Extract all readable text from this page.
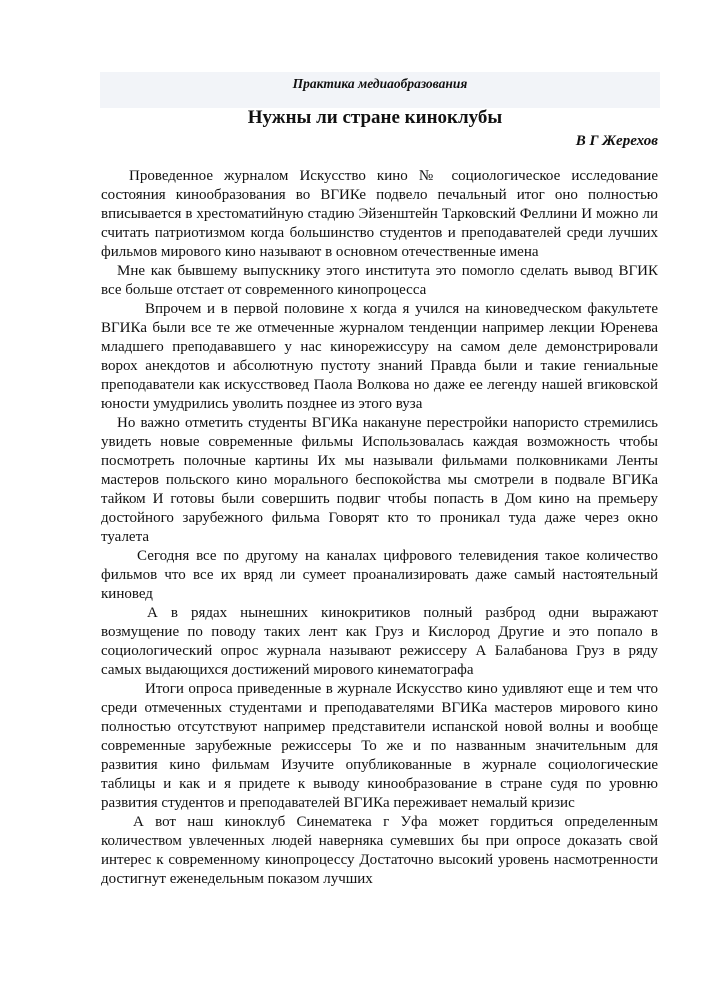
Практика медиаобразования
Нужны ли стране киноклубы
В Г Жерехов

Проведенное журналом Искусство кино № социологическое исследование состояния кинообразования во ВГИКе подвело печальный итог оно полностью вписывается в хрестоматийную стадию Эйзенштейн Тарковский Феллини И можно ли считать патриотизмом когда большинство студентов и преподавателей среди лучших фильмов мирового кино называют в основном отечественные имена

Мне как бывшему выпускнику этого института это помогло сделать вывод ВГИК все больше отстает от современного кинопроцесса

Впрочем и в первой половине х когда я учился на киноведческом факультете ВГИКа были все те же отмеченные журналом тенденции например лекции Юренева младшего преподававшего у нас кинорежиссуру на самом деле демонстрировали ворох анекдотов и абсолютную пустоту знаний Правда были и такие гениальные преподаватели как искусствовед Паола Волкова но даже ее легенду нашей вгиковской юности умудрились уволить позднее из этого вуза

Но важно отметить студенты ВГИКа накануне перестройки напористо стремились увидеть новые современные фильмы Использовалась каждая возможность чтобы посмотреть полочные картины Их мы называли фильмами полковниками Ленты мастеров польского кино морального беспокойства мы смотрели в подвале ВГИКа тайком И готовы были совершить подвиг чтобы попасть в Дом кино на премьеру достойного зарубежного фильма Говорят кто то проникал туда даже через окно туалета

Сегодня все по другому на каналах цифрового телевидения такое количество фильмов что все их вряд ли сумеет проанализировать даже самый настоятельный киновед

А в рядах нынешних кинокритиков полный разброд одни выражают возмущение по поводу таких лент как Груз и Кислород Другие и это попало в социологический опрос журнала называют режиссеру А Балабанова Груз в ряду самых выдающихся достижений мирового кинематографа

Итоги опроса приведенные в журнале Искусство кино удивляют еще и тем что среди отмеченных студентами и преподавателями ВГИКа мастеров мирового кино полностью отсутствуют например представители испанской новой волны и вообще современные зарубежные режиссеры То же и по названным значительным для развития кино фильмам Изучите опубликованные в журнале социологические таблицы и как и я придете к выводу кинообразование в стране судя по уровню развития студентов и преподавателей ВГИКа переживает немалый кризис

А вот наш киноклуб Синематека г Уфа может гордиться определенным количеством увлеченных людей наверняка сумевших бы при опросе доказать свой интерес к современному кинопроцессу Достаточно высокий уровень насмотренности достигнут еженедельным показом лучших
